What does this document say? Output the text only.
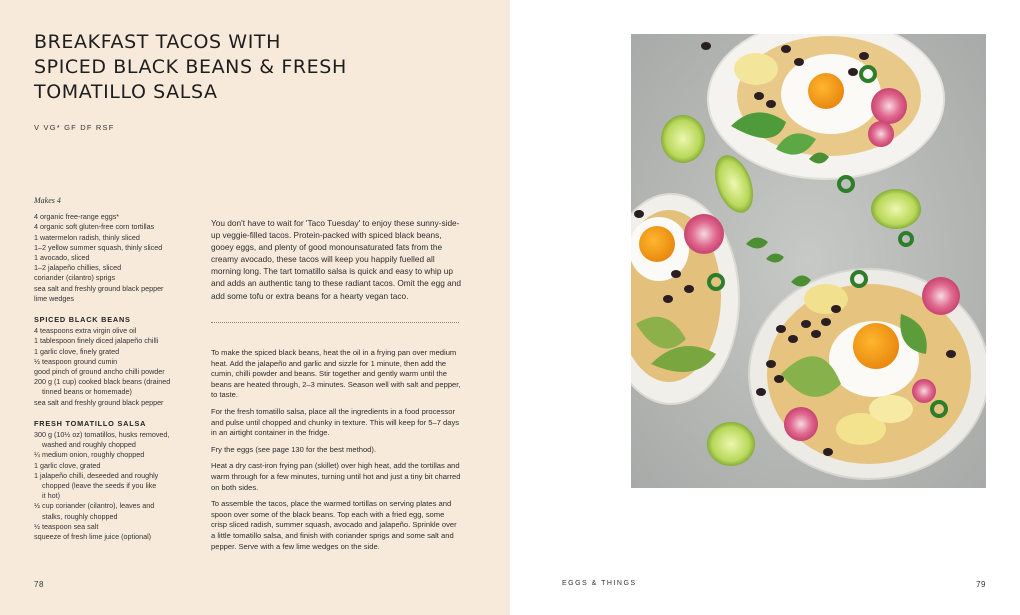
BREAKFAST TACOS WITH SPICED BLACK BEANS & FRESH TOMATILLO SALSA
V VG* GF DF RSF
Makes 4
4 organic free-range eggs*
4 organic soft gluten-free corn tortillas
1 watermelon radish, thinly sliced
1–2 yellow summer squash, thinly sliced
1 avocado, sliced
1–2 jalapeño chillies, sliced
coriander (cilantro) sprigs
sea salt and freshly ground black pepper
lime wedges
SPICED BLACK BEANS
4 teaspoons extra virgin olive oil
1 tablespoon finely diced jalapeño chilli
1 garlic clove, finely grated
½ teaspoon ground cumin
good pinch of ground ancho chilli powder
200 g (1 cup) cooked black beans (drained
tinned beans or homemade)
sea salt and freshly ground black pepper
FRESH TOMATILLO SALSA
300 g (10½ oz) tomatillos, husks removed,
washed and roughly chopped
¼ medium onion, roughly chopped
1 garlic clove, grated
1 jalapeño chilli, deseeded and roughly
chopped (leave the seeds if you like
it hot)
½ cup coriander (cilantro), leaves and
stalks, roughly chopped
½ teaspoon sea salt
squeeze of fresh lime juice (optional)

You don't have to wait for 'Taco Tuesday' to enjoy these sunny-side-up veggie-filled tacos. Protein-packed with spiced black beans, gooey eggs, and plenty of good monounsaturated fats from the creamy avocado, these tacos will keep you happily fuelled all morning long. The tart tomatillo salsa is quick and easy to whip up and adds an authentic tang to these radiant tacos. Omit the egg and add some tofu or extra beans for a hearty vegan taco.

To make the spiced black beans, heat the oil in a frying pan over medium heat. Add the jalapeño and garlic and sizzle for 1 minute, then add the cumin, chilli powder and beans. Stir together and gently warm until the beans are heated through, 2–3 minutes. Season well with salt and pepper, to taste.

For the fresh tomatillo salsa, place all the ingredients in a food processor and pulse until chopped and chunky in texture. This will keep for 5–7 days in an airtight container in the fridge.

Fry the eggs (see page 130 for the best method).

Heat a dry cast-iron frying pan (skillet) over high heat, add the tortillas and warm through for a few minutes, turning until hot and just a tiny bit charred on both sides.

To assemble the tacos, place the warmed tortillas on serving plates and spoon over some of the black beans. Top each with a fried egg, some crisp sliced radish, summer squash, avocado and jalapeño. Sprinkle over a little tomatillo salsa, and finish with coriander sprigs and some salt and pepper. Serve with a few lime wedges on the side.

78	EGGS & THINGS	79
